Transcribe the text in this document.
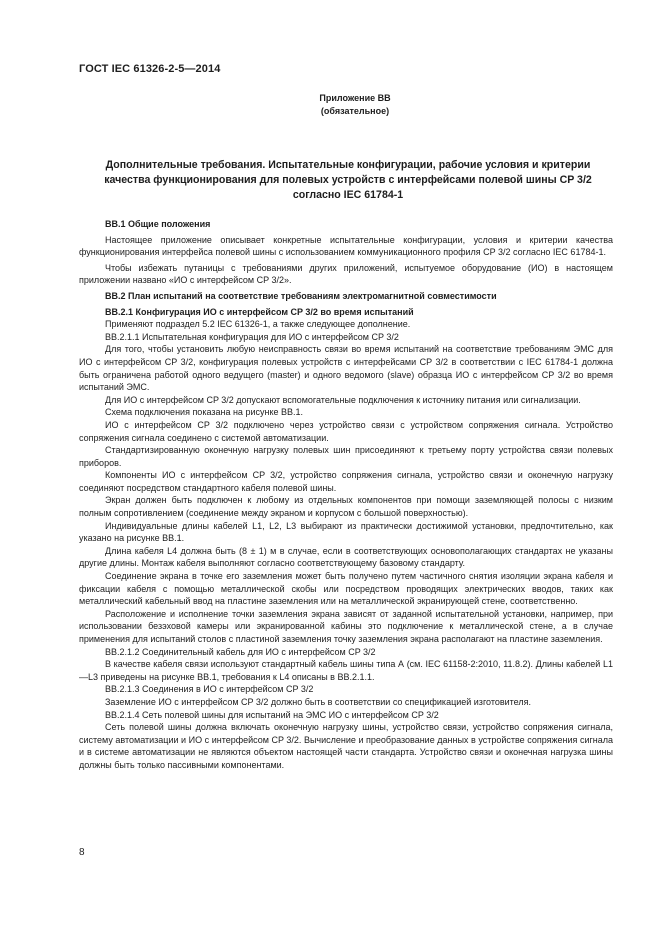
ГОСТ IEC 61326-2-5—2014
Приложение ВВ
(обязательное)
Дополнительные требования. Испытательные конфигурации, рабочие условия и критерии
качества функционирования для полевых устройств с интерфейсами полевой шины CP 3/2
согласно IEC 61784-1

ВВ.1 Общие положения

Настоящее приложение описывает конкретные испытательные конфигурации, условия и критерии качества функционирования интерфейса полевой шины с использованием коммуникационного профиля CP 3/2 согласно IEC 61784-1.

Чтобы избежать путаницы с требованиями других приложений, испытуемое оборудование (ИО) в настоящем приложении названо «ИО с интерфейсом CP 3/2».

ВВ.2 План испытаний на соответствие требованиям электромагнитной совместимости

ВВ.2.1 Конфигурация ИО с интерфейсом CP 3/2 во время испытаний

Применяют подраздел 5.2 IEC 61326-1, а также следующее дополнение.

ВВ.2.1.1 Испытательная конфигурация для ИО с интерфейсом CP 3/2

Для того, чтобы установить любую неисправность связи во время испытаний на соответствие требованиям ЭМС для ИО с интерфейсом CP 3/2, конфигурация полевых устройств с интерфейсами CP 3/2 в соответствии с IEC 61784-1 должна быть ограничена работой одного ведущего (master) и одного ведомого (slave) образца ИО с интерфейсом CP 3/2 во время испытаний ЭМС.

Для ИО с интерфейсом CP 3/2 допускают вспомогательные подключения к источнику питания или сигнализации.

Схема подключения показана на рисунке ВВ.1.

ИО с интерфейсом CP 3/2 подключено через устройство связи с устройством сопряжения сигнала. Устройство сопряжения сигнала соединено с системой автоматизации.

Стандартизированную оконечную нагрузку полевых шин присоединяют к третьему порту устройства связи полевых приборов.

Компоненты ИО с интерфейсом CP 3/2, устройство сопряжения сигнала, устройство связи и оконечную нагрузку соединяют посредством стандартного кабеля полевой шины.

Экран должен быть подключен к любому из отдельных компонентов при помощи заземляющей полосы с низким полным сопротивлением (соединение между экраном и корпусом с большой поверхностью).

Индивидуальные длины кабелей L1, L2, L3 выбирают из практически достижимой установки, предпочтительно, как указано на рисунке ВВ.1.

Длина кабеля L4 должна быть (8 ± 1) м в случае, если в соответствующих основополагающих стандартах не указаны другие длины. Монтаж кабеля выполняют согласно соответствующему базовому стандарту.

Соединение экрана в точке его заземления может быть получено путем частичного снятия изоляции экрана кабеля и фиксации кабеля с помощью металлической скобы или посредством проводящих электрических вводов, таких как металлический кабельный ввод на пластине заземления или на металлической экранирующей стене, соответственно.

Расположение и исполнение точки заземления экрана зависят от заданной испытательной установки, например, при использовании безэховой камеры или экранированной кабины это подключение к металлической стене, а в случае применения для испытаний столов с пластиной заземления точку заземления экрана располагают на пластине заземления.

ВВ.2.1.2 Соединительный кабель для ИО с интерфейсом CP 3/2

В качестве кабеля связи используют стандартный кабель шины типа А (см. IEC 61158-2:2010, 11.8.2). Длины кабелей L1—L3 приведены на рисунке ВВ.1, требования к L4 описаны в ВВ.2.1.1.

ВВ.2.1.3 Соединения в ИО с интерфейсом CP 3/2

Заземление ИО с интерфейсом CP 3/2 должно быть в соответствии со спецификацией изготовителя.

ВВ.2.1.4 Сеть полевой шины для испытаний на ЭМС ИО с интерфейсом CP 3/2

Сеть полевой шины должна включать оконечную нагрузку шины, устройство связи, устройство сопряжения сигнала, систему автоматизации и ИО с интерфейсом CP 3/2. Вычисление и преобразование данных в устройстве сопряжения сигнала и в системе автоматизации не являются объектом настоящей части стандарта. Устройство связи и оконечная нагрузка шины должны быть только пассивными компонентами.

8
